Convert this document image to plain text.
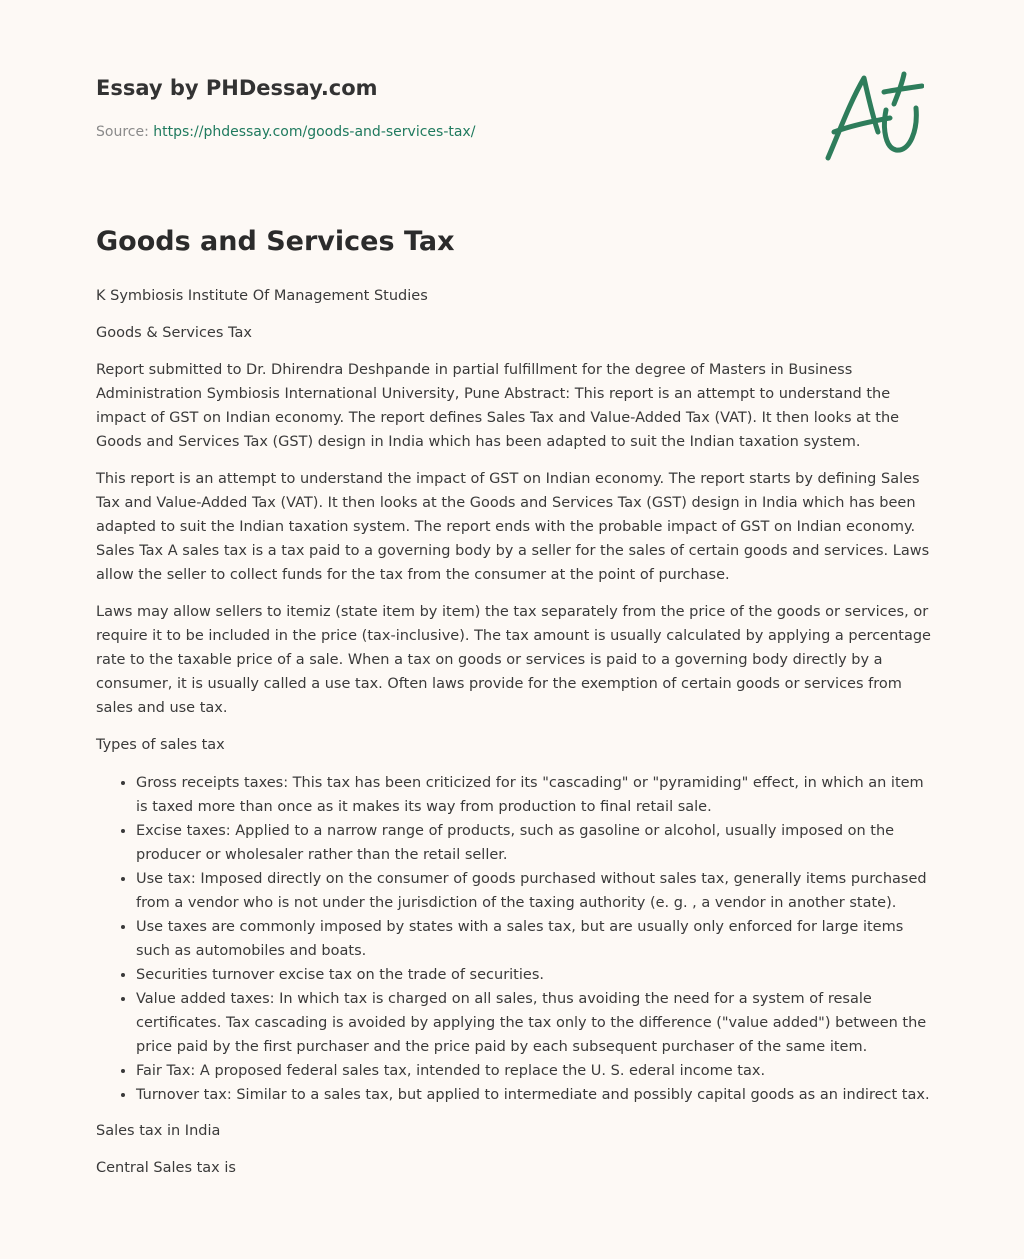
Essay by PHDessay.com

Source: https://phdessay.com/goods-and-services-tax/

Goods and Services Tax

K Symbiosis Institute Of Management Studies

Goods & Services Tax

Report submitted to Dr. Dhirendra Deshpande in partial fulfillment for the degree of Masters in Business Administration Symbiosis International University, Pune Abstract: This report is an attempt to understand the impact of GST on Indian economy. The report defines Sales Tax and Value-Added Tax (VAT). It then looks at the Goods and Services Tax (GST) design in India which has been adapted to suit the Indian taxation system.

This report is an attempt to understand the impact of GST on Indian economy. The report starts by defining Sales Tax and Value-Added Tax (VAT). It then looks at the Goods and Services Tax (GST) design in India which has been adapted to suit the Indian taxation system. The report ends with the probable impact of GST on Indian economy. Sales Tax A sales tax is a tax paid to a governing body by a seller for the sales of certain goods and services. Laws allow the seller to collect funds for the tax from the consumer at the point of purchase.

Laws may allow sellers to itemiz (state item by item) the tax separately from the price of the goods or services, or require it to be included in the price (tax-inclusive). The tax amount is usually calculated by applying a percentage rate to the taxable price of a sale. When a tax on goods or services is paid to a governing body directly by a consumer, it is usually called a use tax. Often laws provide for the exemption of certain goods or services from sales and use tax.

Types of sales tax

• Gross receipts taxes: This tax has been criticized for its "cascading" or "pyramiding" effect, in which an item is taxed more than once as it makes its way from production to final retail sale.
• Excise taxes: Applied to a narrow range of products, such as gasoline or alcohol, usually imposed on the producer or wholesaler rather than the retail seller.
• Use tax: Imposed directly on the consumer of goods purchased without sales tax, generally items purchased from a vendor who is not under the jurisdiction of the taxing authority (e. g. , a vendor in another state).
• Use taxes are commonly imposed by states with a sales tax, but are usually only enforced for large items such as automobiles and boats.
• Securities turnover excise tax on the trade of securities.
• Value added taxes: In which tax is charged on all sales, thus avoiding the need for a system of resale certificates. Tax cascading is avoided by applying the tax only to the difference ("value added") between the price paid by the first purchaser and the price paid by each subsequent purchaser of the same item.
• Fair Tax: A proposed federal sales tax, intended to replace the U. S. ederal income tax.
• Turnover tax: Similar to a sales tax, but applied to intermediate and possibly capital goods as an indirect tax.

Sales tax in India

Central Sales tax is
